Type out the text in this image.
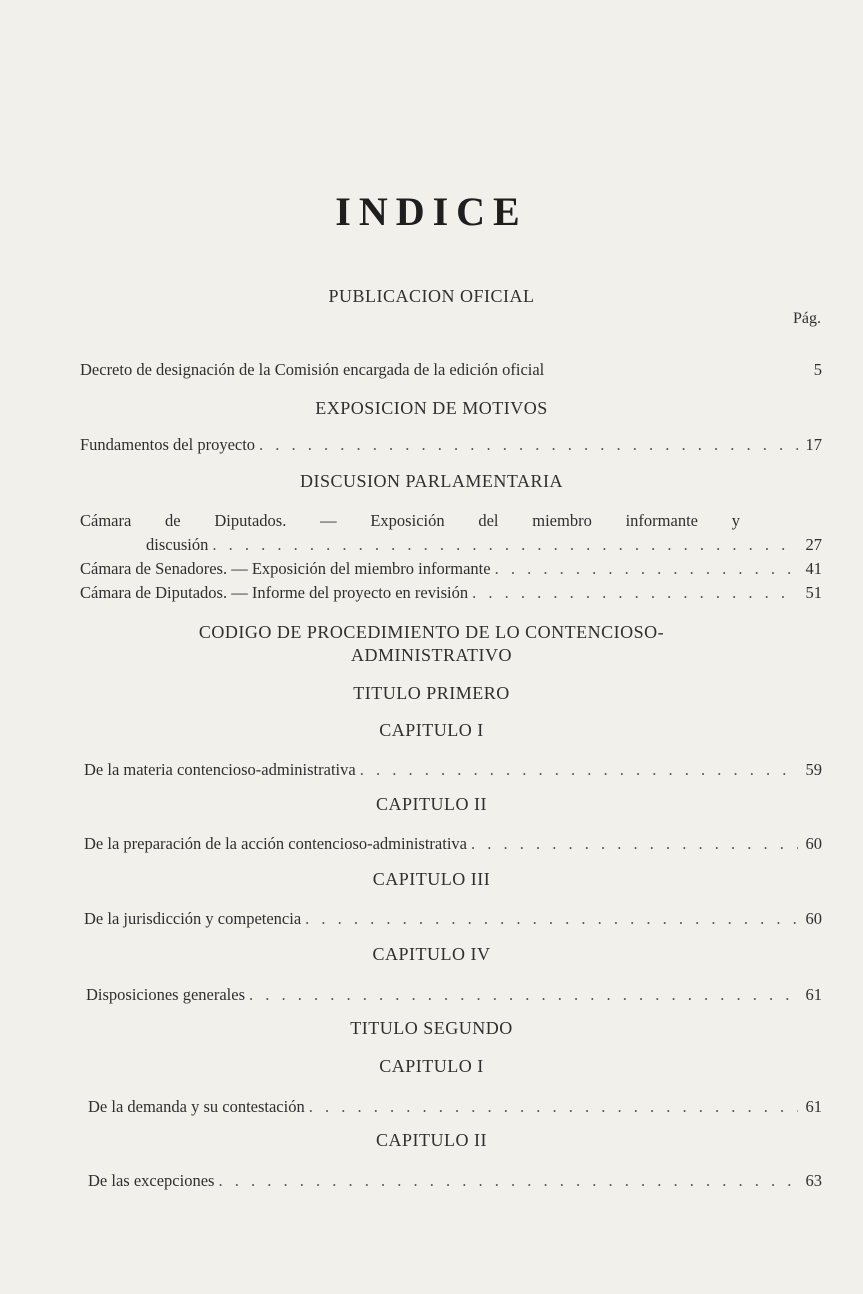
INDICE
PUBLICACION OFICIAL
Pág.
Decreto de designación de la Comisión encargada de la edición oficial	5
EXPOSICION DE MOTIVOS
Fundamentos del proyecto . . .	17
DISCUSION PARLAMENTARIA
Cámara de Diputados. — Exposición del miembro informante y
discusión . . .	27
Cámara de Senadores. — Exposición del miembro informante . . .	41
Cámara de Diputados. — Informe del proyecto en revisión . . .	51
CODIGO DE PROCEDIMIENTO DE LO CONTENCIOSO-
ADMINISTRATIVO
TITULO PRIMERO
CAPITULO I
De la materia contencioso-administrativa . . .	59
CAPITULO II
De la preparación de la acción contencioso-administrativa . . .	60
CAPITULO III
De la jurisdicción y competencia . . .	60
CAPITULO IV
Disposiciones generales . . .	61
TITULO SEGUNDO
CAPITULO I
De la demanda y su contestación . . .	61
CAPITULO II
De las excepciones . . .	63
